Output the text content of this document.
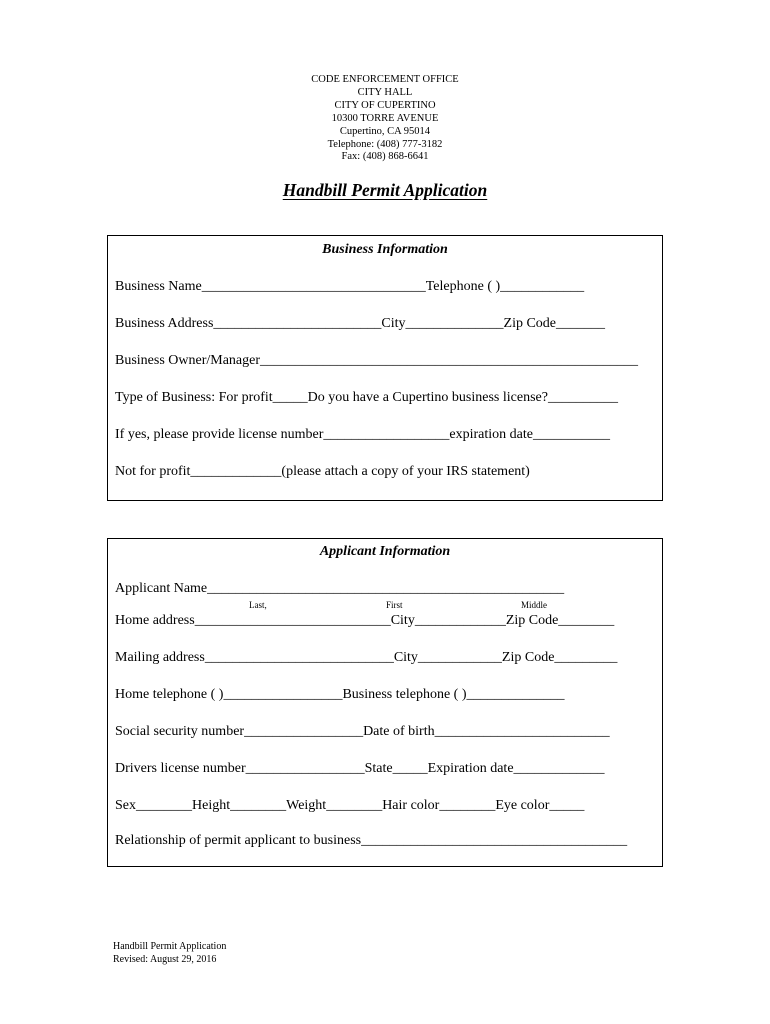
CODE ENFORCEMENT OFFICE
CITY HALL
CITY OF CUPERTINO
10300 TORRE AVENUE
Cupertino, CA 95014
Telephone: (408) 777-3182
Fax: (408) 868-6641
Handbill Permit Application
Business Information
Business Name________________________________Telephone ( )____________
Business Address________________________City______________Zip Code_______
Business Owner/Manager______________________________________________________
Type of Business: For profit_____Do you have a Cupertino business license?__________
If yes, please provide license number__________________expiration date___________
Not for profit_____________(please attach a copy of your IRS statement)
Applicant Information
Applicant Name___________________________________________________
Last,	First	Middle
Home address____________________________City_____________Zip Code________
Mailing address___________________________City____________Zip Code_________
Home telephone ( )_________________Business telephone ( )______________
Social security number_________________Date of birth_________________________
Drivers license number_________________State_____Expiration date_____________
Sex________Height________Weight________Hair color________Eye color_____
Relationship of permit applicant to business______________________________________
Handbill Permit Application
Revised: August 29, 2016
